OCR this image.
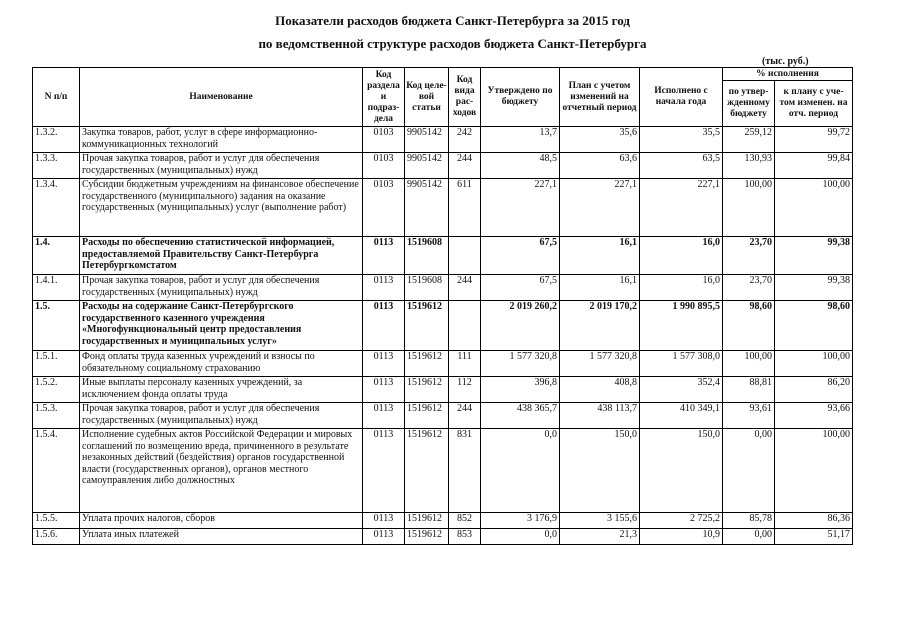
Показатели расходов бюджета Санкт-Петербурга за 2015 год
по ведомственной структуре расходов бюджета Санкт-Петербурга
(тыс. руб.)
N п/п	Наименование	Код раздела и подраз-дела	Код целе-вой статьи	Код вида рас-ходов	Утверждено по бюджету	План с учетом изменений на отчетный период	Исполнено с начала года	% исполнения	
								по утвер-жденному бюджету	к плану с уче-том изменен. на отч. период
1.3.2.	Закупка товаров, работ, услуг в сфере информационно-коммуникационных технологий	0103	9905142	242	13,7	35,6	35,5	259,12	99,72
1.3.3.	Прочая закупка товаров, работ и услуг для обеспечения государственных (муниципальных) нужд	0103	9905142	244	48,5	63,6	63,5	130,93	99,84
1.3.4.	Субсидии бюджетным учреждениям на финансовое обеспечение государственного (муниципального) задания на оказание государственных (муниципальных) услуг (выполнение работ)	0103	9905142	611	227,1	227,1	227,1	100,00	100,00
1.4.	Расходы по обеспечению статистической информацией, предоставляемой Правительству Санкт-Петербурга Петербургкомстатом	0113	1519608		67,5	16,1	16,0	23,70	99,38
1.4.1.	Прочая закупка товаров, работ и услуг для обеспечения государственных (муниципальных) нужд	0113	1519608	244	67,5	16,1	16,0	23,70	99,38
1.5.	Расходы на содержание Санкт-Петербургского государственного казенного учреждения «Многофункциональный центр предоставления государственных и муниципальных услуг»	0113	1519612		2 019 260,2	2 019 170,2	1 990 895,5	98,60	98,60
1.5.1.	Фонд оплаты труда казенных учреждений и взносы по обязательному социальному страхованию	0113	1519612	111	1 577 320,8	1 577 320,8	1 577 308,0	100,00	100,00
1.5.2.	Иные выплаты персоналу казенных учреждений, за исключением фонда оплаты труда	0113	1519612	112	396,8	408,8	352,4	88,81	86,20
1.5.3.	Прочая закупка товаров, работ и услуг для обеспечения государственных (муниципальных) нужд	0113	1519612	244	438 365,7	438 113,7	410 349,1	93,61	93,66
1.5.4.	Исполнение судебных актов Российской Федерации и мировых соглашений по возмещению вреда, причиненного в результате незаконных действий (бездействия) органов государственной власти (государственных органов), органов местного самоуправления либо должностных	0113	1519612	831	0,0	150,0	150,0	0,00	100,00
1.5.5.	Уплата прочих налогов, сборов	0113	1519612	852	3 176,9	3 155,6	2 725,2	85,78	86,36
1.5.6.	Уплата иных платежей	0113	1519612	853	0,0	21,3	10,9	0,00	51,17
